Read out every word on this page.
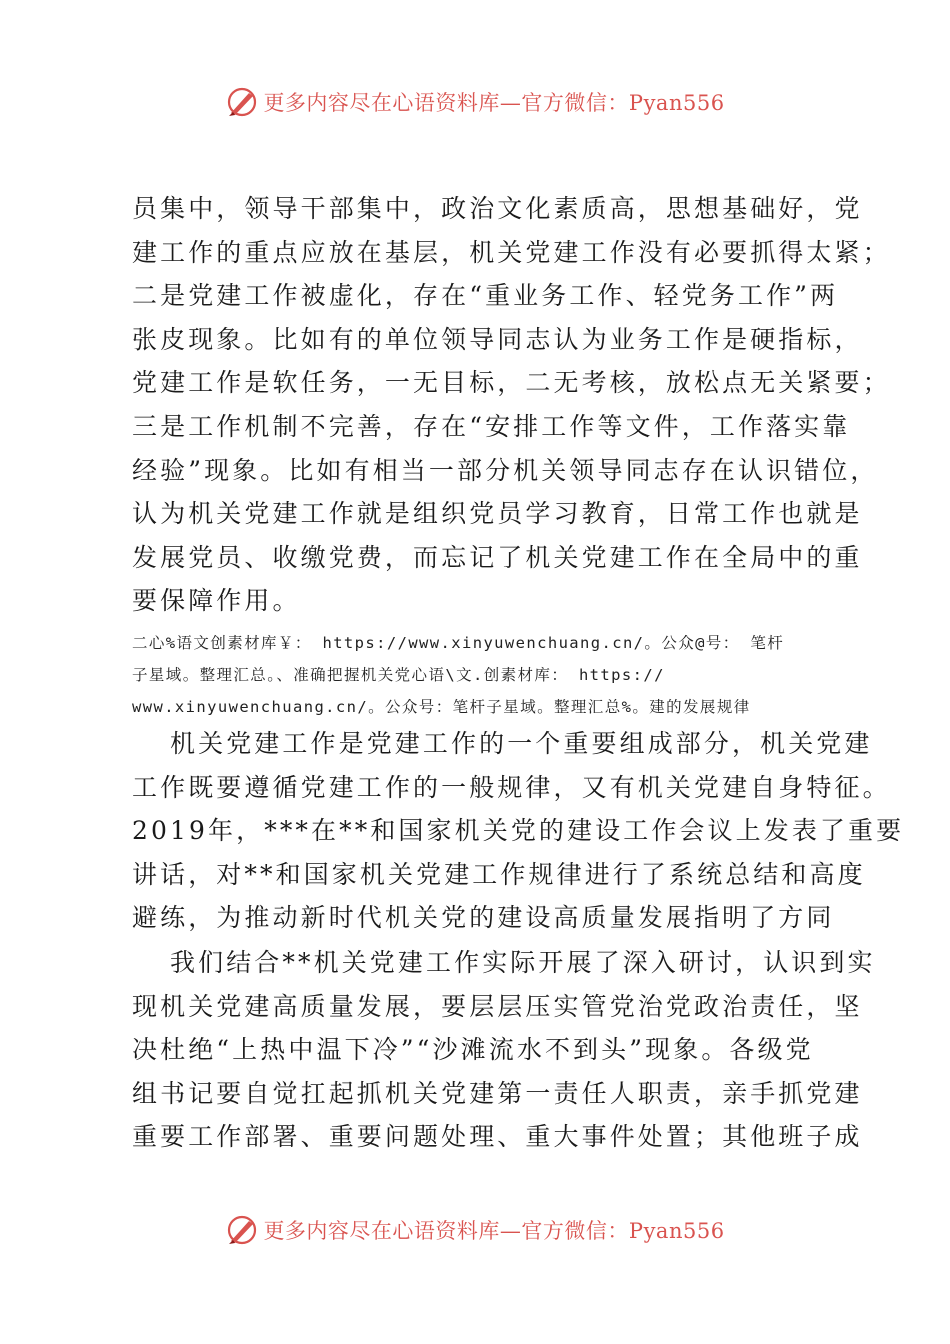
更多内容尽在心语资料库—官方微信：Pyan556
员集中，领导干部集中，政治文化素质高，思想基础好，党
建工作的重点应放在基层，机关党建工作没有必要抓得太紧；
二是党建工作被虚化，存在“重业务工作、轻党务工作”两
张皮现象。比如有的单位领导同志认为业务工作是硬指标，
党建工作是软任务，一无目标，二无考核，放松点无关紧要；
三是工作机制不完善，存在“安排工作等文件，工作落实靠
经验”现象。比如有相当一部分机关领导同志存在认识错位，
认为机关党建工作就是组织党员学习教育，日常工作也就是
发展党员、收缴党费，而忘记了机关党建工作在全局中的重
要保障作用。
二心%语文创素材库￥： https://www.xinyuwenchuang.cn/。公众@号： 笔杆
子星域。整理汇总。、准确把握机关党心语\文.创素材库： https://
www.xinyuwenchuang.cn/。公众号：笔杆子星域。整理汇总%。建的发展规律
机关党建工作是党建工作的一个重要组成部分，机关党建
工作既要遵循党建工作的一般规律，又有机关党建自身特征。
2019年，***在**和国家机关党的建设工作会议上发表了重要
讲话，对**和国家机关党建工作规律进行了系统总结和高度
避练，为推动新时代机关党的建设高质量发展指明了方同
我们结合**机关党建工作实际开展了深入研讨，认识到实
现机关党建高质量发展，要层层压实管党治党政治责任，坚
决杜绝“上热中温下冷”“沙滩流水不到头”现象。各级党
组书记要自觉扛起抓机关党建第一责任人职责，亲手抓党建
重要工作部署、重要问题处理、重大事件处置；其他班子成
更多内容尽在心语资料库—官方微信：Pyan556
